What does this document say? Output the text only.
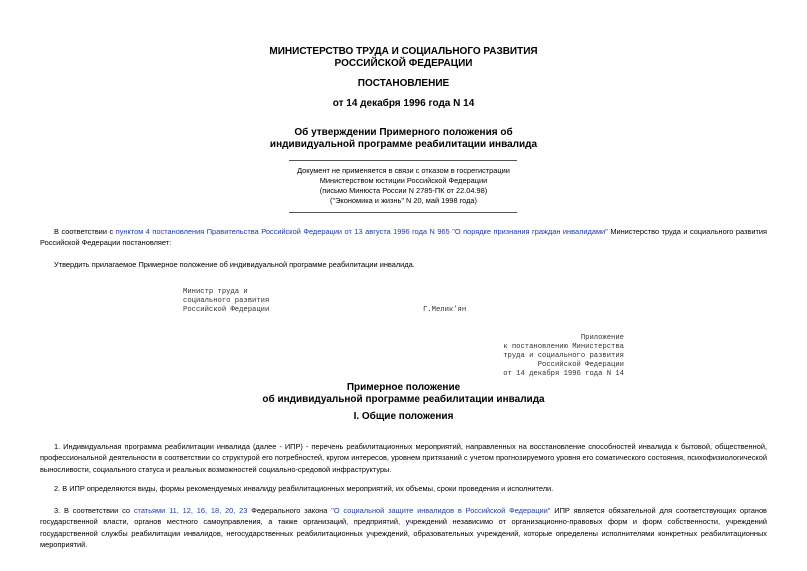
МИНИСТЕРСТВО ТРУДА И СОЦИАЛЬНОГО РАЗВИТИЯ
РОССИЙСКОЙ ФЕДЕРАЦИИ
ПОСТАНОВЛЕНИЕ
от 14 декабря 1996 года N 14
Об утверждении Примерного положения об
индивидуальной программе реабилитации инвалида
Документ не применяется в связи с отказом в госрегистрации
Министерством юстиции Российской Федерации
(письмо Минюста России N 2785-ПК от 22.04.98)
("Экономика и жизнь" N 20, май 1998 года)
В соответствии с пунктом 4 постановления Правительства Российской Федерации от 13 августа 1996 года N 965 "О порядке признания граждан инвалидами" Министерство труда и социального развития Российской Федерации постановляет:
Утвердить прилагаемое Примерное положение об индивидуальной программе реабилитации инвалида.
Министр труда и
социального развития
Российской Федерации	Г.Мелик’ян
Приложение
к постановлению Министерства
труда и социального развития
Российской Федерации
от 14 декабря 1996 года N 14
Примерное положение
об индивидуальной программе реабилитации инвалида
I. Общие положения
1. Индивидуальная программа реабилитации инвалида (далее - ИПР) - перечень реабилитационных мероприятий, направленных на восстановление способностей инвалида к бытовой, общественной, профессиональной деятельности в соответствии со структурой его потребностей, кругом интересов, уровнем притязаний с учетом прогнозируемого уровня его соматического состояния, психофизиологической выносливости, социального статуса и реальных возможностей социально-средовой инфраструктуры.
2. В ИПР определяются виды, формы рекомендуемых инвалиду реабилитационных мероприятий, их объемы, сроки проведения и исполнители.
3. В соответствии со статьями 11, 12, 16, 18, 20, 23 Федерального закона "О социальной защите инвалидов в Российской Федерации" ИПР является обязательной для соответствующих органов государственной власти, органов местного самоуправления, а также организаций, предприятий, учреждений независимо от организационно-правовых форм и форм собственности, учреждений государственной службы реабилитации инвалидов, негосударственных реабилитационных учреждений, образовательных учреждений, которые определены исполнителями конкретных реабилитационных мероприятий.
